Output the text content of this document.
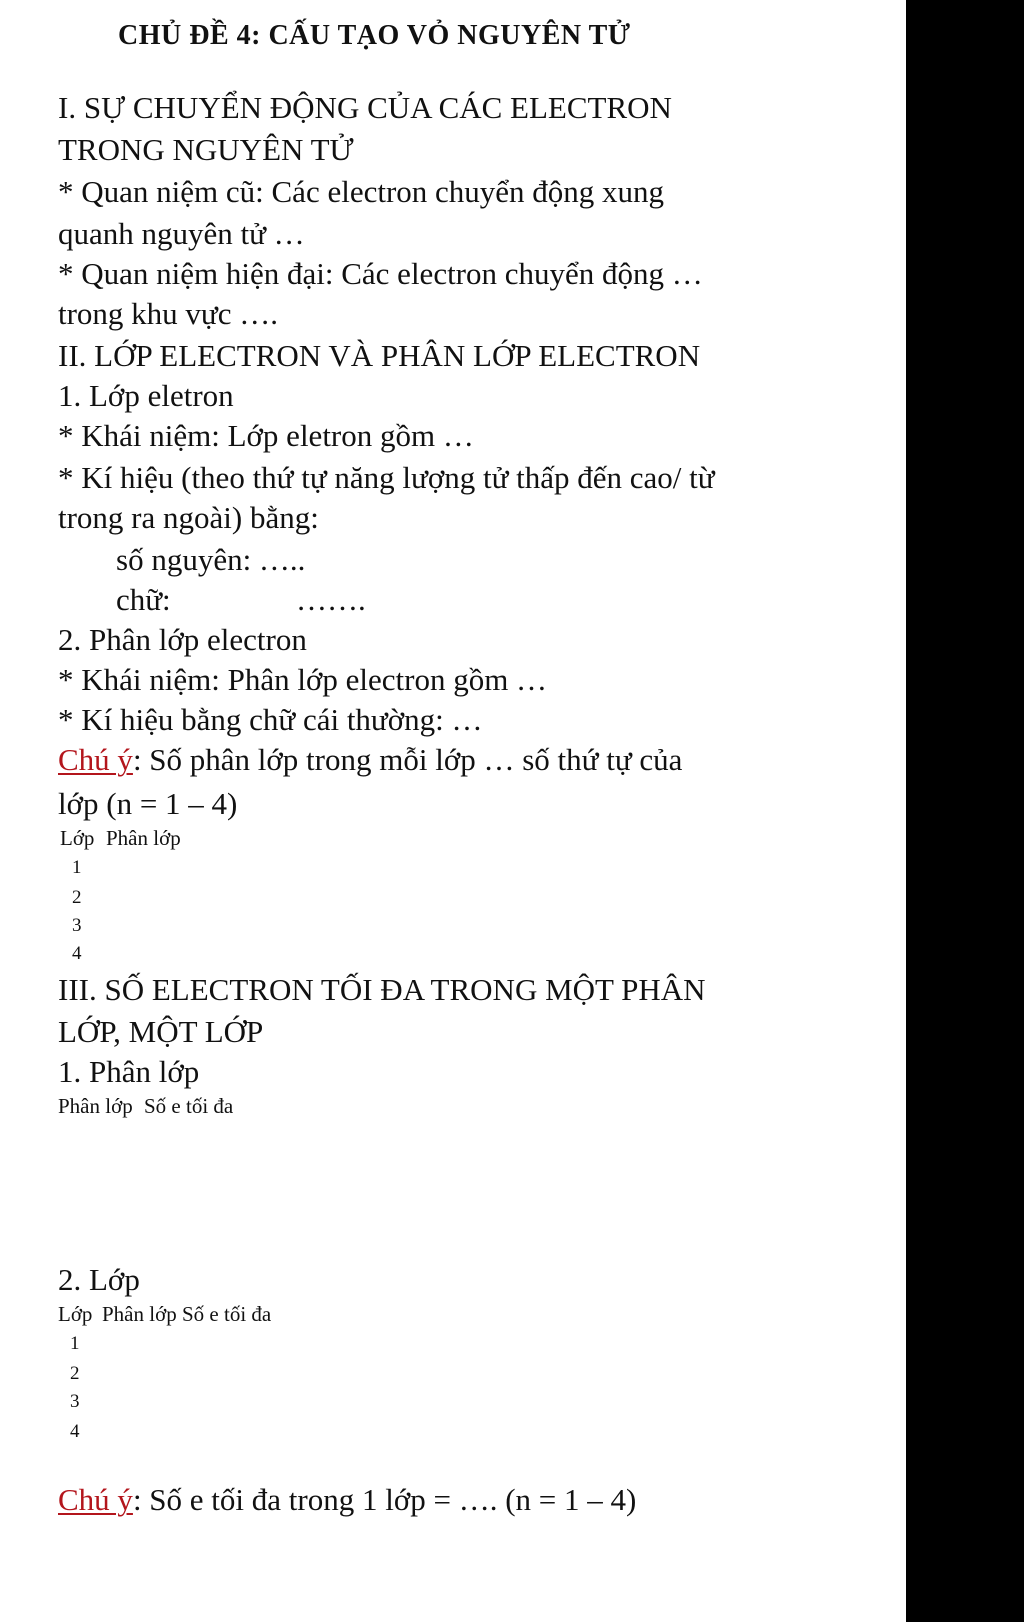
CHỦ ĐỀ 4: CẤU TẠO VỎ NGUYÊN TỬ
I. SỰ CHUYỂN ĐỘNG CỦA CÁC ELECTRON
TRONG NGUYÊN TỬ
* Quan niệm cũ: Các electron chuyển động xung
quanh nguyên tử …
* Quan niệm hiện đại: Các electron chuyển động …
trong khu vực ….
II. LỚP ELECTRON VÀ PHÂN LỚP ELECTRON
1. Lớp eletron
* Khái niệm: Lớp eletron gồm …
* Kí hiệu (theo thứ tự năng lượng tử thấp đến cao/ từ
trong ra ngoài) bằng:
số nguyên: …..
chữ:	…….
2. Phân lớp electron
* Khái niệm: Phân lớp electron gồm …
* Kí hiệu bằng chữ cái thường: …
Chú ý: Số phân lớp trong mỗi lớp … số thứ tự của
lớp (n = 1 – 4)
Lớp Phân lớp
1
2
3
4
III. SỐ ELECTRON TỐI ĐA TRONG MỘT PHÂN
LỚP, MỘT LỚP
1. Phân lớp
Phân lớp Số e tối đa
2. Lớp
Lớp Phân lớp Số e tối đa
1
2
3
4
Chú ý: Số e tối đa trong 1 lớp = …. (n = 1 – 4)
